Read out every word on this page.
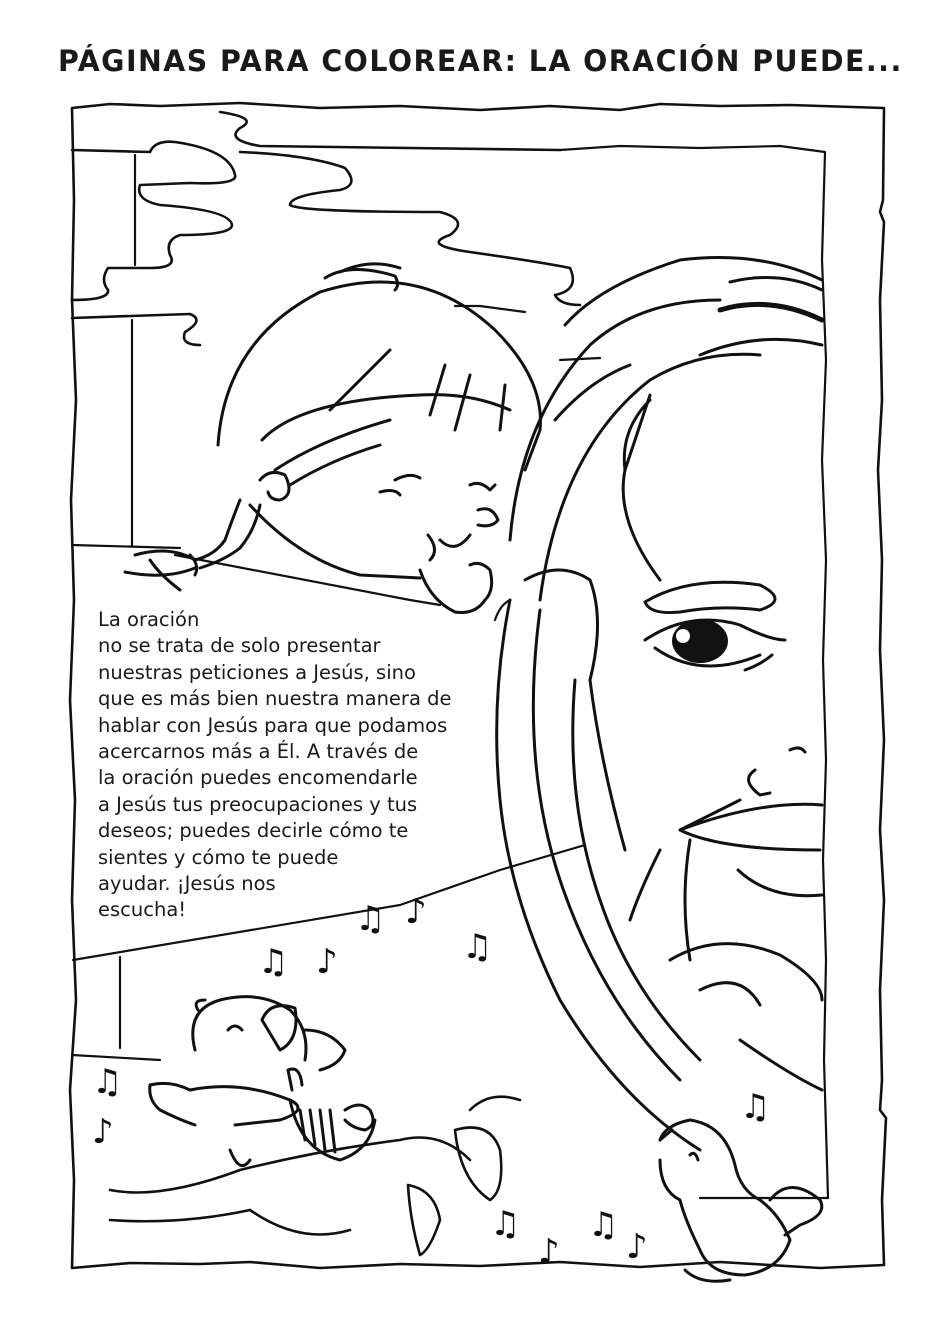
PÁGINAS PARA COLOREAR: LA ORACIÓN PUEDE...
♫ ♪
♫ ♪
♫
♫
♪
♫
♫
♪
♫
♪
La oración
no se trata de solo presentar
nuestras peticiones a Jesús, sino
que es más bien nuestra manera de
hablar con Jesús para que podamos
acercarnos más a Él. A través de
la oración puedes encomendarle
a Jesús tus preocupaciones y tus
deseos; puedes decirle cómo te
sientes y cómo te puede
ayudar. ¡Jesús nos
escucha!
